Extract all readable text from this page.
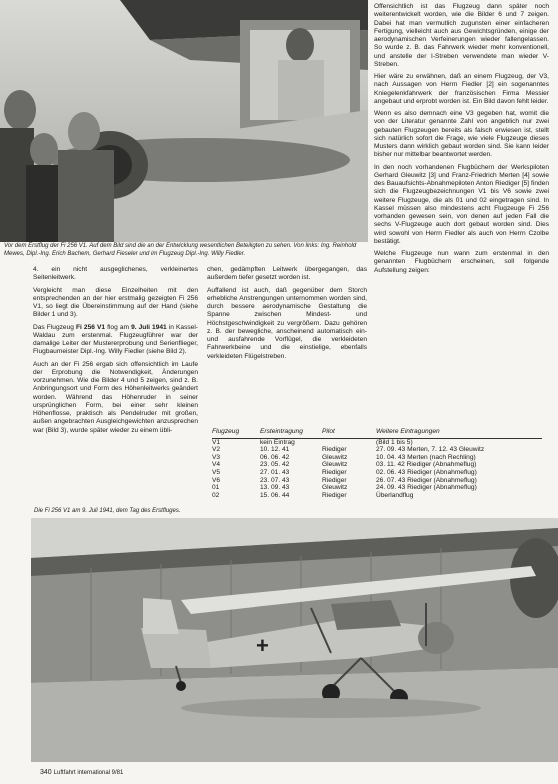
Vor dem Erstflug der Fi 256 V1. Auf dem Bild sind die an der Entwicklung wesentlichen Beteiligten zu sehen. Von links: Ing. Reinhold Mewes, Dipl.-Ing. Erich Bachem, Gerhard Fieseler und im Flugzeug Dipl.-Ing. Willy Fiedler.

Offensichtlich ist das Flugzeug dann später noch weiterentwickelt worden, wie die Bilder 6 und 7 zeigen. Dabei hat man vermutlich zugunsten einer einfacheren Fertigung, vielleicht auch aus Gewichtsgründen, einige der aerodynamischen Verfeinerungen wieder fallengelassen. So wurde z. B. das Fahrwerk wieder mehr konventionell, und anstelle der I-Streben verwendete man wieder V-Streben.

Hier wäre zu erwähnen, daß an einem Flugzeug, der V3, nach Aussagen von Herrn Fiedler [2] ein sogenanntes Kniegelenkfahrwerk der französischen Firma Messier angebaut und erprobt worden ist. Ein Bild davon fehlt leider.

Wenn es also demnach eine V3 gegeben hat, womit die von der Literatur genannte Zahl von angeblich nur zwei gebauten Flugzeugen bereits als falsch erwiesen ist, stellt sich natürlich sofort die Frage, wie viele Flugzeuge dieses Musters dann wirklich gebaut worden sind. Sie kann leider bisher nur mittelbar beantwortet werden.

In den noch vorhandenen Flugbüchern der Werkspiloten Gerhard Gleuwitz [3] und Franz-Friedrich Merten [4] sowie des Bauaufsichts-Abnahmepiloten Anton Riediger [5] finden sich die Flugzeugbezeichnungen V1 bis V6 sowie zwei weitere Flugzeuge, die als 01 und 02 eingetragen sind. In Kassel müssen also mindestens acht Flugzeuge Fi 256 vorhanden gewesen sein, von denen auf jeden Fall die sechs V-Flugzeuge auch dort gebaut worden sind. Dies wird sowohl von Herrn Fiedler als auch von Herrn Czolbe bestätigt.

Welche Flugzeuge nun wann zum erstenmal in den genannten Flugbüchern erscheinen, soll folgende Aufstellung zeigen:

4. ein nicht ausgeglichenes, verkleinertes Seitenleitwerk.

Vergleicht man diese Einzelheiten mit den entsprechenden an der hier erstmalig gezeigten Fi 256 V1, so liegt die Übereinstimmung auf der Hand (siehe Bilder 1 und 3).

Das Flugzeug Fi 256 V1 flog am 9. Juli 1941 in Kassel-Waldau zum erstenmal. Flugzeugführer war der damalige Leiter der Mustererprobung und Serienflieger, Flugbaumeister Dipl.-Ing. Willy Fiedler (siehe Bild 2).

Auch an der Fi 256 ergab sich offensichtlich im Laufe der Erprobung die Notwendigkeit, Änderungen vorzunehmen. Wie die Bilder 4 und 5 zeigen, sind z. B. Anbringungsort und Form des Höhenleitwerks geändert worden. Während das Höhenruder in seiner ursprünglichen Form, bei einer sehr kleinen Höhenflosse, praktisch als Pendelruder mit großen, außen angebrachten Ausgleichgewichten anzusprechen war (Bild 3), wurde später wieder zu einem übli-

chen, gedämpften Leitwerk übergegangen, das außerdem tiefer gesetzt worden ist.

Auffallend ist auch, daß gegenüber dem Storch erhebliche Anstrengungen unternommen worden sind, durch bessere aerodynamische Gestaltung die Spanne zwischen Mindest- und Höchstgeschwindigkeit zu vergrößern. Dazu gehören z. B. der bewegliche, anscheinend automatisch ein- und ausfahrende Vorflügel, die verkleideten Fahrwerkbeine und die einstielige, ebenfalls verkleideten Flügelstreben.

Flugzeug	Ersteintragung	Pilot	Weitere Eintragungen
V1	kein Eintrag		(Bild 1 bis 5)
V2	10. 12. 41	Riediger	27. 09. 43 Merten, 7. 12. 43 Gleuwitz
V3	06. 06. 42	Gleuwitz	10. 04. 43 Merten (nach Rechling)
V4	23. 05. 42	Gleuwitz	03. 11. 42 Riediger (Abnahmeflug)
V5	27. 01. 43	Riediger	02. 06. 43 Riediger (Abnahmeflug)
V6	23. 07. 43	Riediger	26. 07. 43 Riediger (Abnahmeflug)
01	13. 09. 43	Gleuwitz	24. 09. 43 Riediger (Abnahmeflug)
02	15. 06. 44	Riediger	Überlandflug
Die Fi 256 V1 am 9. Juli 1941, dem Tag des Erstfluges.
+
340 Luftfahrt international 9/81
